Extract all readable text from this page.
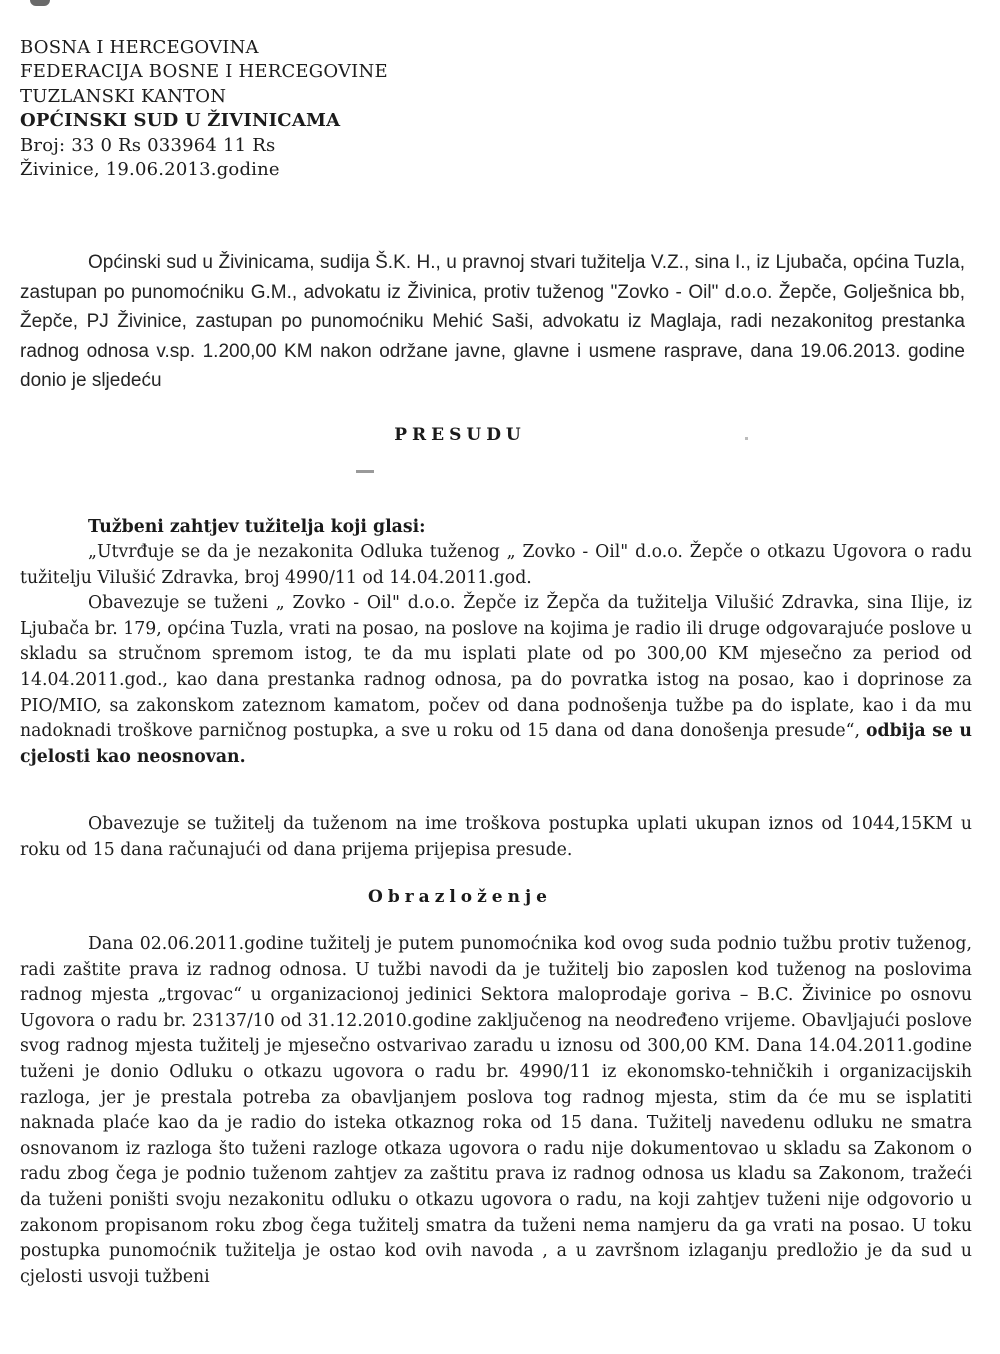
BOSNA I HERCEGOVINA
FEDERACIJA BOSNE I HERCEGOVINE
TUZLANSKI KANTON
OPĆINSKI SUD U ŽIVINICAMA
Broj: 33 0 Rs 033964 11 Rs
Živinice, 19.06.2013.godine

Općinski sud u Živinicama, sudija Š.K. H., u pravnoj stvari tužitelja V.Z., sina I., iz Ljubača, općina Tuzla, zastupan po punomoćniku G.M., advokatu iz Živinica, protiv tuženog "Zovko - Oil" d.o.o. Žepče, Golješnica bb, Žepče, PJ Živinice, zastupan po punomoćniku Mehić Saši, advokatu iz Maglaja, radi nezakonitog prestanka radnog odnosa v.sp. 1.200,00 KM nakon održane javne, glavne i usmene rasprave, dana 19.06.2013. godine donio je sljedeću

PRESUDU
Tužbeni zahtjev tužitelja koji glasi:

„Utvrđuje se da je nezakonita Odluka tuženog „ Zovko - Oil" d.o.o. Žepče o otkazu Ugovora o radu tužitelju Vilušić Zdravka, broj 4990/11 od 14.04.2011.god.

Obavezuje se tuženi „ Zovko - Oil" d.o.o. Žepče iz Žepča da tužitelja Vilušić Zdravka, sina Ilije, iz Ljubača br. 179, općina Tuzla, vrati na posao, na poslove na kojima je radio ili druge odgovarajuće poslove u skladu sa stručnom spremom istog, te da mu isplati plate od po 300,00 KM mjesečno za period od 14.04.2011.god., kao dana prestanka radnog odnosa, pa do povratka istog na posao, kao i doprinose za PIO/MIO, sa zakonskom zateznom kamatom, počev od dana podnošenja tužbe pa do isplate, kao i da mu nadoknadi troškove parničnog postupka, a sve u roku od 15 dana od dana donošenja presude“, odbija se u cjelosti kao neosnovan.

Obavezuje se tužitelj da tuženom na ime troškova postupka uplati ukupan iznos od 1044,15KM u roku od 15 dana računajući od dana prijema prijepisa presude.

Obrazloženje

Dana 02.06.2011.godine tužitelj je putem punomoćnika kod ovog suda podnio tužbu protiv tuženog, radi zaštite prava iz radnog odnosa. U tužbi navodi da je tužitelj bio zaposlen kod tuženog na poslovima radnog mjesta „trgovac“ u organizacionoj jedinici Sektora maloprodaje goriva – B.C. Živinice po osnovu Ugovora o radu br. 23137/10 od 31.12.2010.godine zaključenog na neodređeno vrijeme. Obavljajući poslove svog radnog mjesta tužitelj je mjesečno ostvarivao zaradu u iznosu od 300,00 KM. Dana 14.04.2011.godine tuženi je donio Odluku o otkazu ugovora o radu br. 4990/11 iz ekonomsko-tehničkih i organizacijskih razloga, jer je prestala potreba za obavljanjem poslova tog radnog mjesta, stim da će mu se isplatiti naknada plaće kao da je radio do isteka otkaznog roka od 15 dana. Tužitelj navedenu odluku ne smatra osnovanom iz razloga što tuženi razloge otkaza ugovora o radu nije dokumentovao u skladu sa Zakonom o radu zbog čega je podnio tuženom zahtjev za zaštitu prava iz radnog odnosa us kladu sa Zakonom, tražeći da tuženi poništi svoju nezakonitu odluku o otkazu ugovora o radu, na koji zahtjev tuženi nije odgovorio u zakonom propisanom roku zbog čega tužitelj smatra da tuženi nema namjeru da ga vrati na posao. U toku postupka punomoćnik tužitelja je ostao kod ovih navoda , a u završnom izlaganju predložio je da sud u cjelosti usvoji tužbeni
